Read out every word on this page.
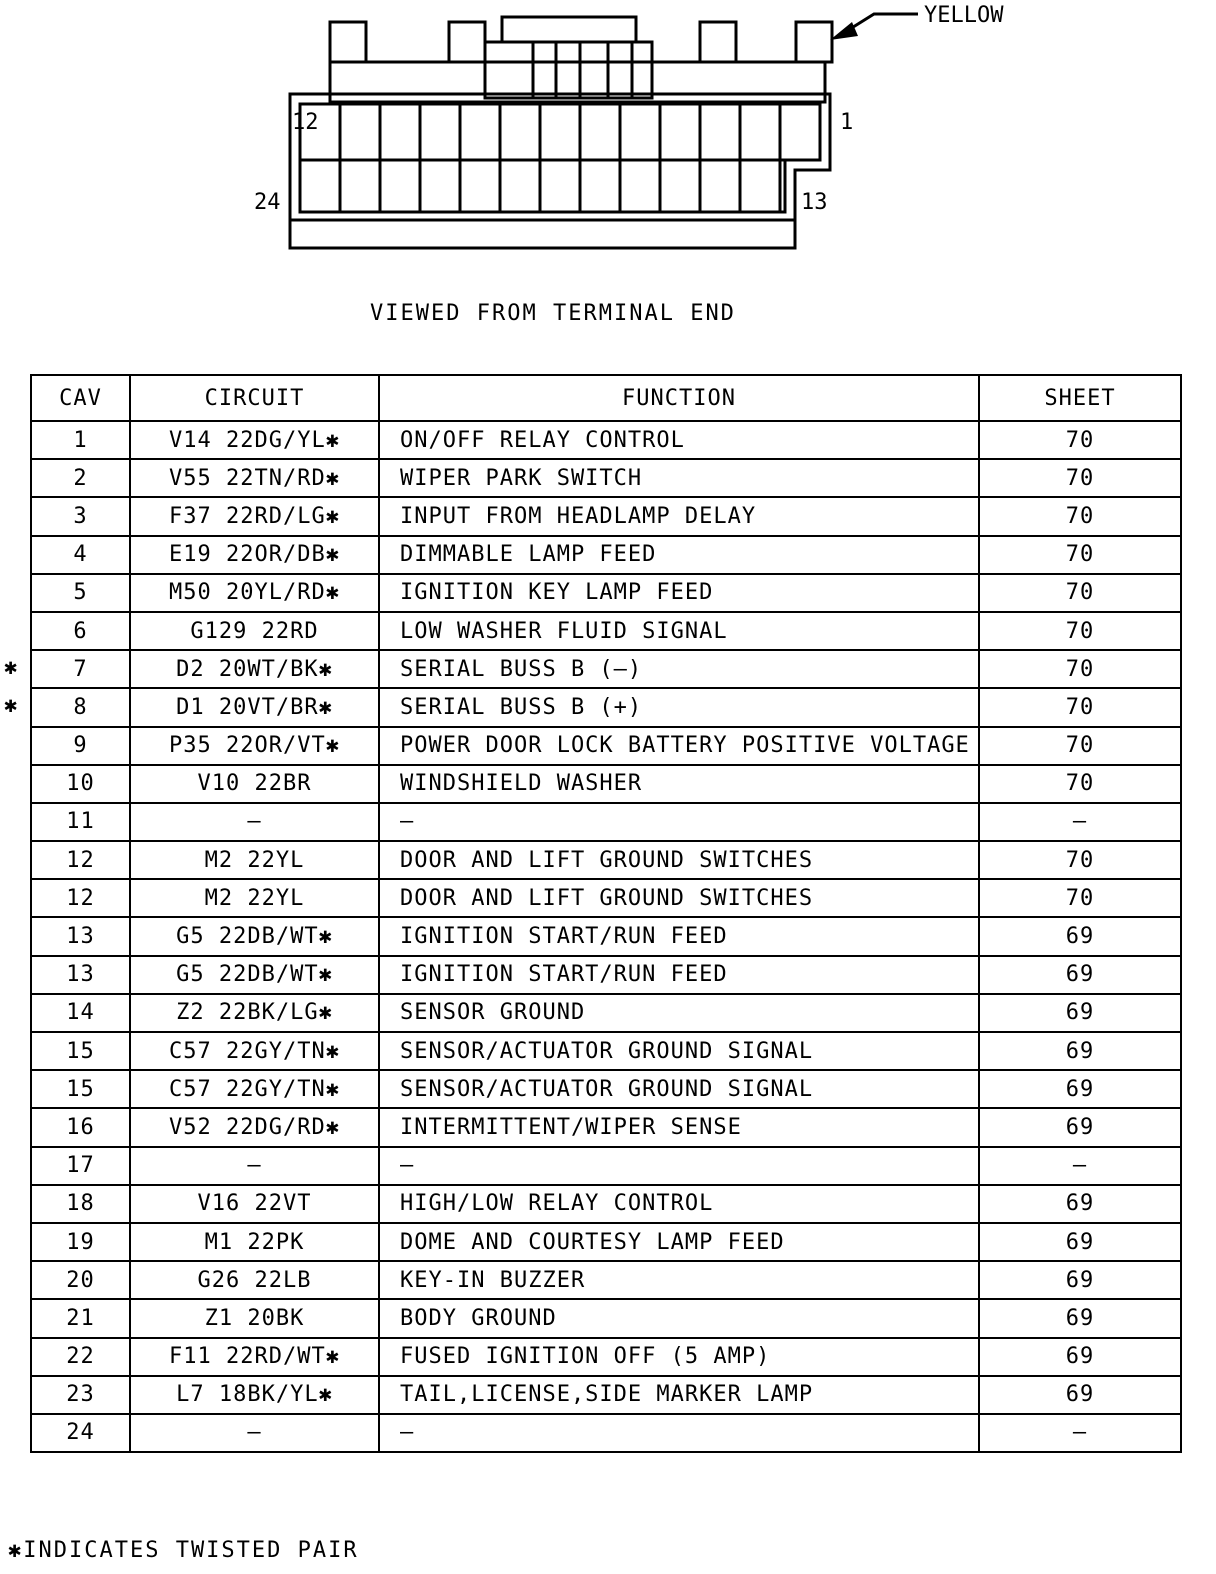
YELLOW
12	1
24	13
VIEWED FROM TERMINAL END
✱
✱
CAV	CIRCUIT	FUNCTION	SHEET
1	V14 22DG/YL✱	ON/OFF RELAY CONTROL	70
2	V55 22TN/RD✱	WIPER PARK SWITCH	70
3	F37 22RD/LG✱	INPUT FROM HEADLAMP DELAY	70
4	E19 22OR/DB✱	DIMMABLE LAMP FEED	70
5	M50 20YL/RD✱	IGNITION KEY LAMP FEED	70
6	G129 22RD	LOW WASHER FLUID SIGNAL	70
7	D2 20WT/BK✱	SERIAL BUSS B (—)	70
8	D1 20VT/BR✱	SERIAL BUSS B (+)	70
9	P35 22OR/VT✱	POWER DOOR LOCK BATTERY POSITIVE VOLTAGE	70
10	V10 22BR	WINDSHIELD WASHER	70
11	—	—	—
12	M2 22YL	DOOR AND LIFT GROUND SWITCHES	70
12	M2 22YL	DOOR AND LIFT GROUND SWITCHES	70
13	G5 22DB/WT✱	IGNITION START/RUN FEED	69
13	G5 22DB/WT✱	IGNITION START/RUN FEED	69
14	Z2 22BK/LG✱	SENSOR GROUND	69
15	C57 22GY/TN✱	SENSOR/ACTUATOR GROUND SIGNAL	69
15	C57 22GY/TN✱	SENSOR/ACTUATOR GROUND SIGNAL	69
16	V52 22DG/RD✱	INTERMITTENT/WIPER SENSE	69
17	—	—	—
18	V16 22VT	HIGH/LOW RELAY CONTROL	69
19	M1 22PK	DOME AND COURTESY LAMP FEED	69
20	G26 22LB	KEY-IN BUZZER	69
21	Z1 20BK	BODY GROUND	69
22	F11 22RD/WT✱	FUSED IGNITION OFF (5 AMP)	69
23	L7 18BK/YL✱	TAIL,LICENSE,SIDE MARKER LAMP	69
24	—	—	—
✱INDICATES TWISTED PAIR
